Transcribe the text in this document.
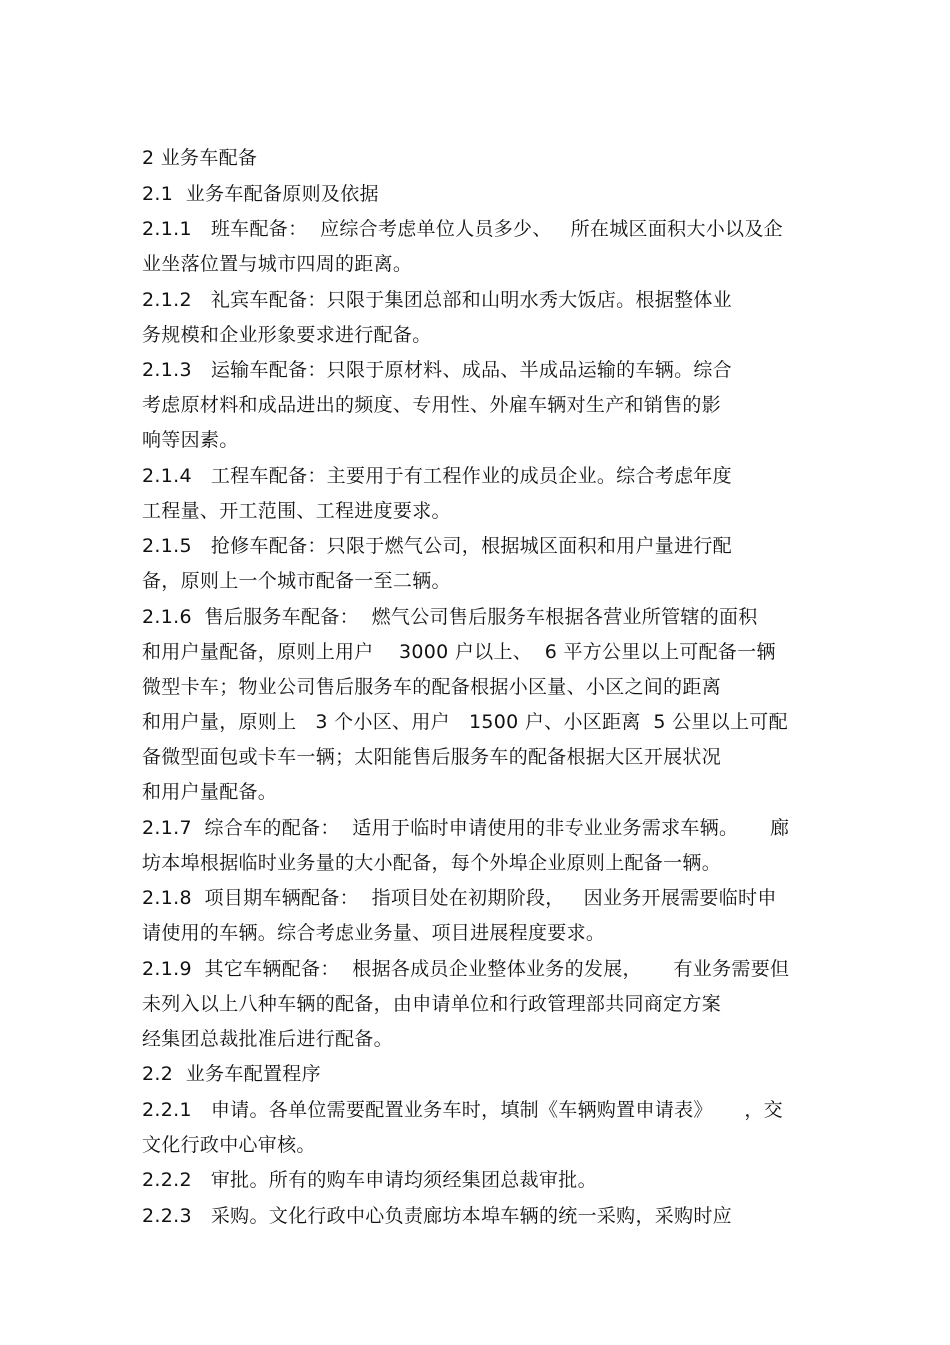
2 业务车配备
2.1  业务车配备原则及依据
2.1.1   班车配备：  应综合考虑单位人员多少、   所在城区面积大小以及企
业坐落位置与城市四周的距离。
2.1.2   礼宾车配备：只限于集团总部和山明水秀大饭店。根据整体业
务规模和企业形象要求进行配备。
2.1.3   运输车配备：只限于原材料、成品、半成品运输的车辆。综合
考虑原材料和成品进出的频度、专用性、外雇车辆对生产和销售的影
响等因素。
2.1.4   工程车配备：主要用于有工程作业的成员企业。综合考虑年度
工程量、开工范围、工程进度要求。
2.1.5   抢修车配备：只限于燃气公司，根据城区面积和用户量进行配
备，原则上一个城市配备一至二辆。
2.1.6  售后服务车配备：  燃气公司售后服务车根据各营业所管辖的面积
和用户量配备，原则上用户    3000 户以上、  6 平方公里以上可配备一辆
微型卡车；物业公司售后服务车的配备根据小区量、小区之间的距离
和用户量，原则上   3 个小区、用户   1500 户、小区距离  5 公里以上可配
备微型面包或卡车一辆；太阳能售后服务车的配备根据大区开展状况
和用户量配备。
2.1.7  综合车的配备：  适用于临时申请使用的非专业业务需求车辆。     廊
坊本埠根据临时业务量的大小配备，每个外埠企业原则上配备一辆。
2.1.8  项目期车辆配备：  指项目处在初期阶段，   因业务开展需要临时申
请使用的车辆。综合考虑业务量、项目进展程度要求。
2.1.9  其它车辆配备：  根据各成员企业整体业务的发展，     有业务需要但
未列入以上八种车辆的配备，由申请单位和行政管理部共同商定方案
经集团总裁批准后进行配备。
2.2  业务车配置程序
2.2.1   申请。各单位需要配置业务车时，填制《车辆购置申请表》     ，交
文化行政中心审核。
2.2.2   审批。所有的购车申请均须经集团总裁审批。
2.2.3   采购。文化行政中心负责廊坊本埠车辆的统一采购，采购时应
